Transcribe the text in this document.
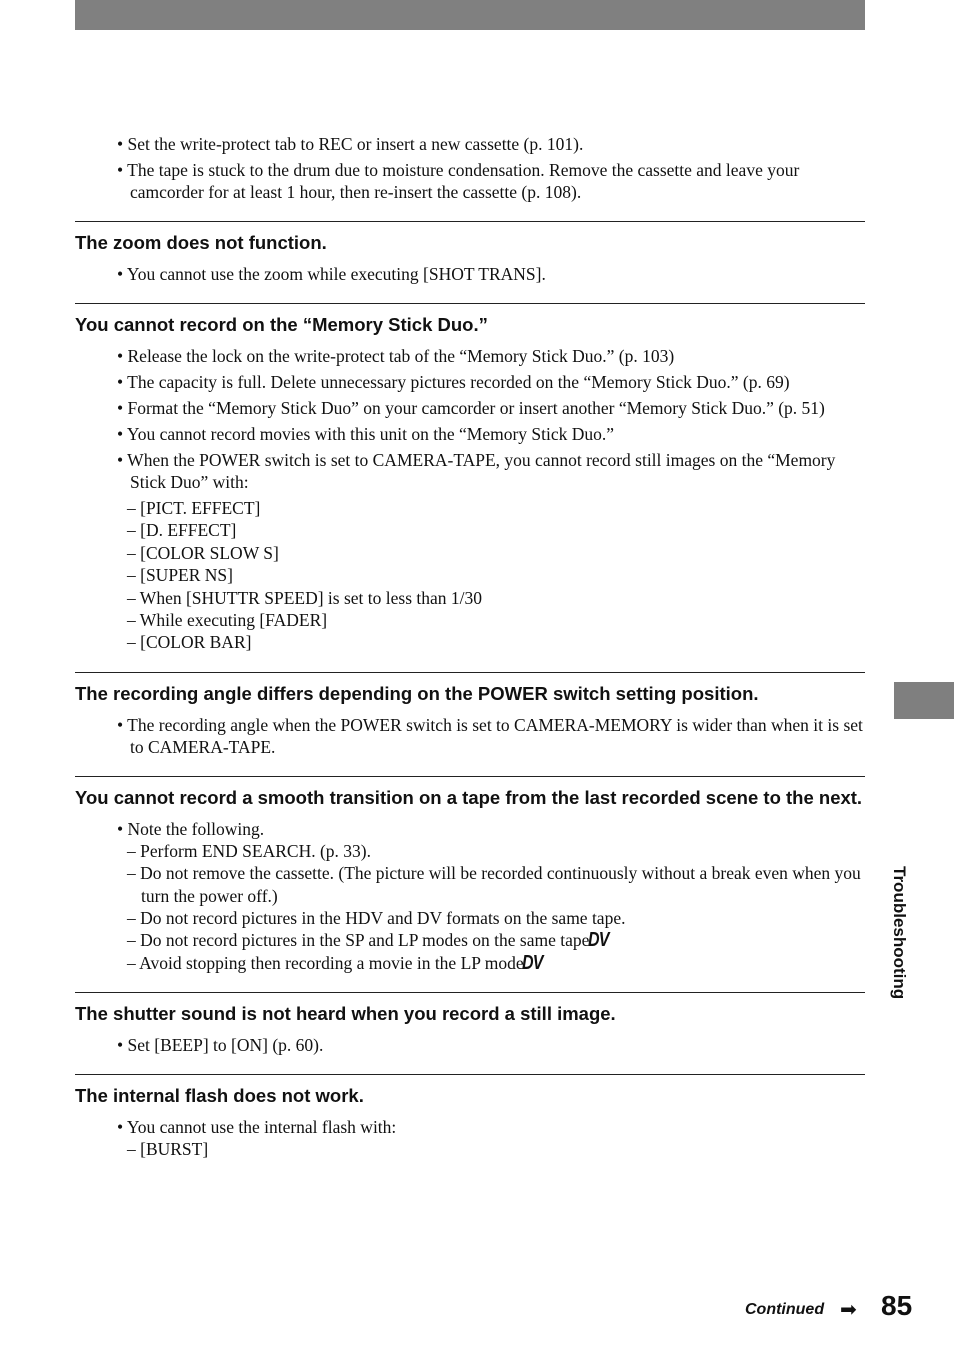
Troubleshooting
• Set the write-protect tab to REC or insert a new cassette (p. 101).
• The tape is stuck to the drum due to moisture condensation. Remove the cassette and leave your camcorder for at least 1 hour, then re-insert the cassette (p. 108).
The zoom does not function.
• You cannot use the zoom while executing [SHOT TRANS].
You cannot record on the “Memory Stick Duo.”
• Release the lock on the write-protect tab of the “Memory Stick Duo.” (p. 103)
• The capacity is full. Delete unnecessary pictures recorded on the “Memory Stick Duo.” (p. 69)
• Format the “Memory Stick Duo” on your camcorder or insert another “Memory Stick Duo.” (p. 51)
• You cannot record movies with this unit on the “Memory Stick Duo.”
• When the POWER switch is set to CAMERA-TAPE, you cannot record still images on the “Memory Stick Duo” with:
– [PICT. EFFECT]
– [D. EFFECT]
– [COLOR SLOW S]
– [SUPER NS]
– When [SHUTTR SPEED] is set to less than 1/30
– While executing [FADER]
– [COLOR BAR]
The recording angle differs depending on the POWER switch setting position.
• The recording angle when the POWER switch is set to CAMERA-MEMORY is wider than when it is set to CAMERA-TAPE.
You cannot record a smooth transition on a tape from the last recorded scene to the next.
• Note the following.
– Perform END SEARCH. (p. 33).
– Do not remove the cassette. (The picture will be recorded continuously without a break even when you turn the power off.)
– Do not record pictures in the HDV and DV formats on the same tape.
– Do not record pictures in the SP and LP modes on the same tape. DV
– Avoid stopping then recording a movie in the LP mode. DV
The shutter sound is not heard when you record a still image.
• Set [BEEP] to [ON] (p. 60).
The internal flash does not work.
• You cannot use the internal flash with:
– [BURST]
Continued ➡ 85
